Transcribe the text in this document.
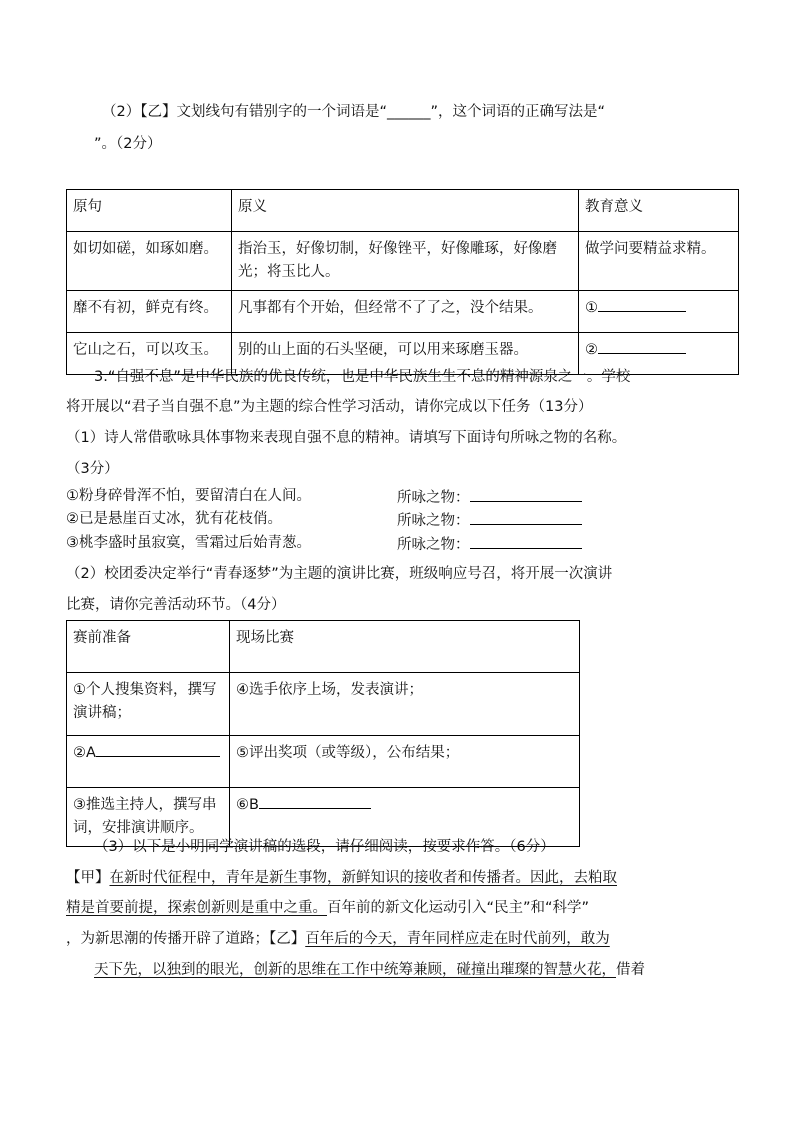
（2）【乙】文划线句有错别字的一个词语是“______”，这个词语的正确写法是“
”。（2分）
原句	原义	教育意义
如切如磋，如琢如磨。	指治玉，好像切制，好像锉平，好像雕琢，好像磨光；将玉比人。	做学问要精益求精。
靡不有初，鲜克有终。	凡事都有个开始，但经常不了了之，没个结果。	①
它山之石，可以攻玉。	别的山上面的石头坚硬，可以用来琢磨玉器。	②
3.“自强不息”是中华民族的优良传统，也是中华民族生生不息的精神源泉之一。学校
将开展以“君子当自强不息”为主题的综合性学习活动，请你完成以下任务（13分）
（1）诗人常借歌咏具体事物来表现自强不息的精神。请填写下面诗句所咏之物的名称。
（3分）
①粉身碎骨浑不怕，要留清白在人间。	所咏之物：
②已是悬崖百丈冰，犹有花枝俏。	所咏之物：
③桃李盛时虽寂寞，雪霜过后始青葱。	所咏之物：
（2）校团委决定举行“青春逐梦”为主题的演讲比赛，班级响应号召，将开展一次演讲
比赛，请你完善活动环节。（4分）
赛前准备	现场比赛
①个人搜集资料，撰写演讲稿；	④选手依序上场，发表演讲；
②A	⑤评出奖项（或等级），公布结果；
③推选主持人，撰写串词，安排演讲顺序。	⑥B
（3）以下是小明同学演讲稿的选段，请仔细阅读，按要求作答。（6分）
【甲】在新时代征程中，青年是新生事物，新鲜知识的接收者和传播者。因此，去粕取
精是首要前提，探索创新则是重中之重。百年前的新文化运动引入“民主”和“科学”
，为新思潮的传播开辟了道路；【乙】百年后的今天，青年同样应走在时代前列，敢为
天下先，以独到的眼光，创新的思维在工作中统筹兼顾，碰撞出璀璨的智慧火花，借着
